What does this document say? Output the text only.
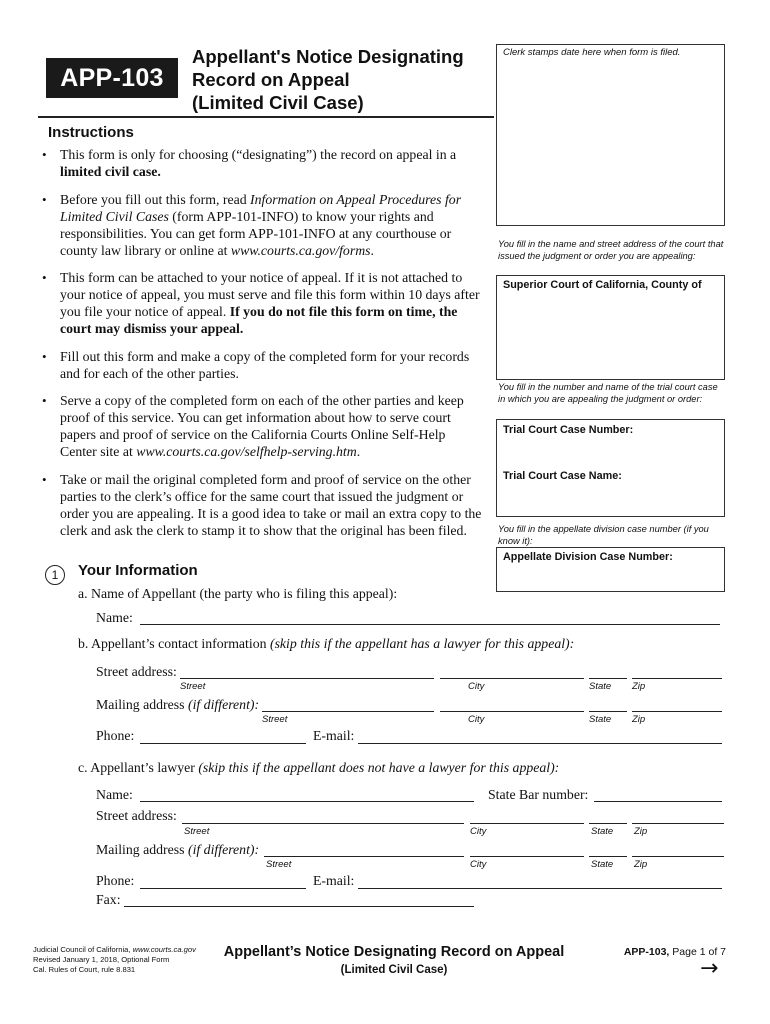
APP-103
Appellant's Notice Designating
Record on Appeal
(Limited Civil Case)
Clerk stamps date here when form is filed.
Instructions
• This form is only for choosing (“designating”) the record on appeal in a limited civil case.
• Before you fill out this form, read Information on Appeal Procedures for Limited Civil Cases (form APP-101-INFO) to know your rights and responsibilities. You can get form APP-101-INFO at any courthouse or county law library or online at www.courts.ca.gov/forms.
• This form can be attached to your notice of appeal. If it is not attached to your notice of appeal, you must serve and file this form within 10 days after you file your notice of appeal. If you do not file this form on time, the court may dismiss your appeal.
• Fill out this form and make a copy of the completed form for your records and for each of the other parties.
• Serve a copy of the completed form on each of the other parties and keep proof of this service. You can get information about how to serve court papers and proof of service on the California Courts Online Self-Help Center site at www.courts.ca.gov/selfhelp-serving.htm.
• Take or mail the original completed form and proof of service on the other parties to the clerk’s office for the same court that issued the judgment or order you are appealing. It is a good idea to take or mail an extra copy to the clerk and ask the clerk to stamp it to show that the original has been filed.
You fill in the name and street address of the court that issued the judgment or order you are appealing:
Superior Court of California, County of
You fill in the number and name of the trial court case in which you are appealing the judgment or order:
Trial Court Case Number:
Trial Court Case Name:
You fill in the appellate division case number (if you know it):
Appellate Division Case Number:
1	Your Information
a. Name of Appellant (the party who is filing this appeal):
Name:
b. Appellant’s contact information (skip this if the appellant has a lawyer for this appeal):
Street address:
Street	City	State Zip
Mailing address (if different):
Street	City	State Zip
Phone:	E-mail:
c. Appellant’s lawyer (skip this if the appellant does not have a lawyer for this appeal):
Name:	State Bar number:
Street address:
Street	City	State Zip
Mailing address (if different):
Street	City	State Zip
Phone:	E-mail:
Fax:
Judicial Council of California, www.courts.ca.gov
Revised January 1, 2018, Optional Form
Cal. Rules of Court, rule 8.831
Appellant’s Notice Designating Record on Appeal
(Limited Civil Case)
APP-103, Page 1 of 7
→
